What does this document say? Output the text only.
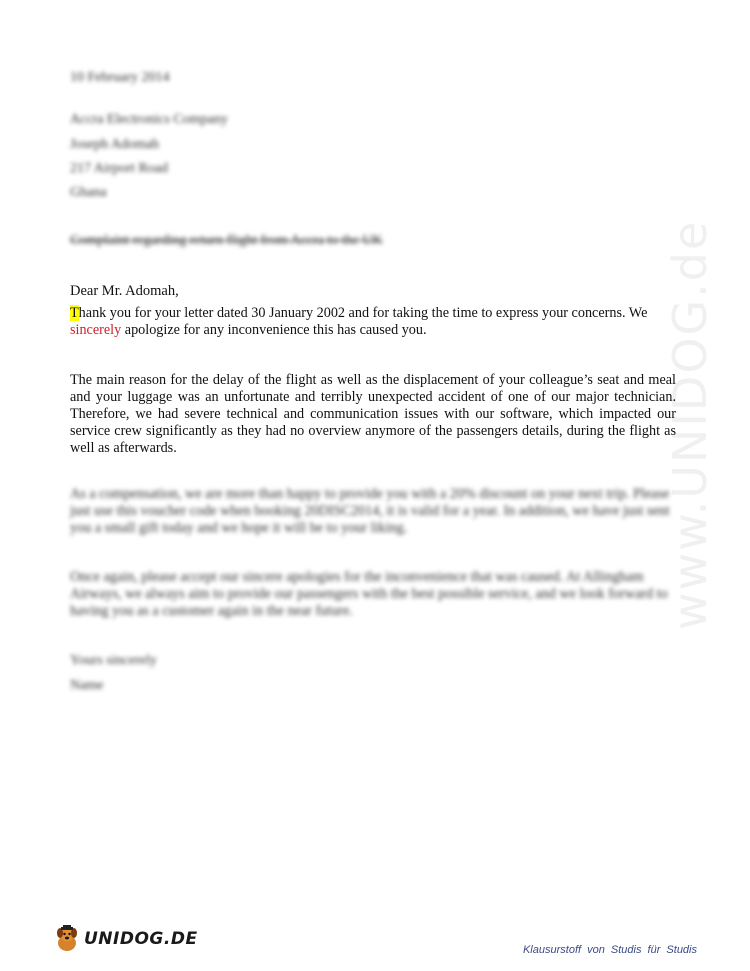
www.UNIDOG.de
10 February 2014
Accra Electronics Company
Joseph Adomah
217 Airport Road
Ghana
Complaint regarding return flight from Accra to the UK
Dear Mr. Adomah,
Thank you for your letter dated 30 January 2002 and for taking the time to express your concerns. We
sincerely apologize for any inconvenience this has caused you.
The main reason for the delay of the flight as well as the displacement of your colleague’s seat and meal and your luggage was an unfortunate and terribly unexpected accident of one of our major technician. Therefore, we had severe technical and communication issues with our software, which impacted our service crew significantly as they had no overview anymore of the passengers details, during the flight as well as afterwards.
As a compensation, we are more than happy to provide you with a 20% discount on your next trip. Please just use this voucher code when booking 20DISC2014, it is valid for a year. In addition, we have just sent you a small gift today and we hope it will be to your liking.
Once again, please accept our sincere apologies for the inconvenience that was caused. At Allingham Airways, we always aim to provide our passengers with the best possible service, and we look forward to having you as a customer again in the near future.
Yours sincerely
Name
UNIDOG.DE
Klausurstoff von Studis für Studis
